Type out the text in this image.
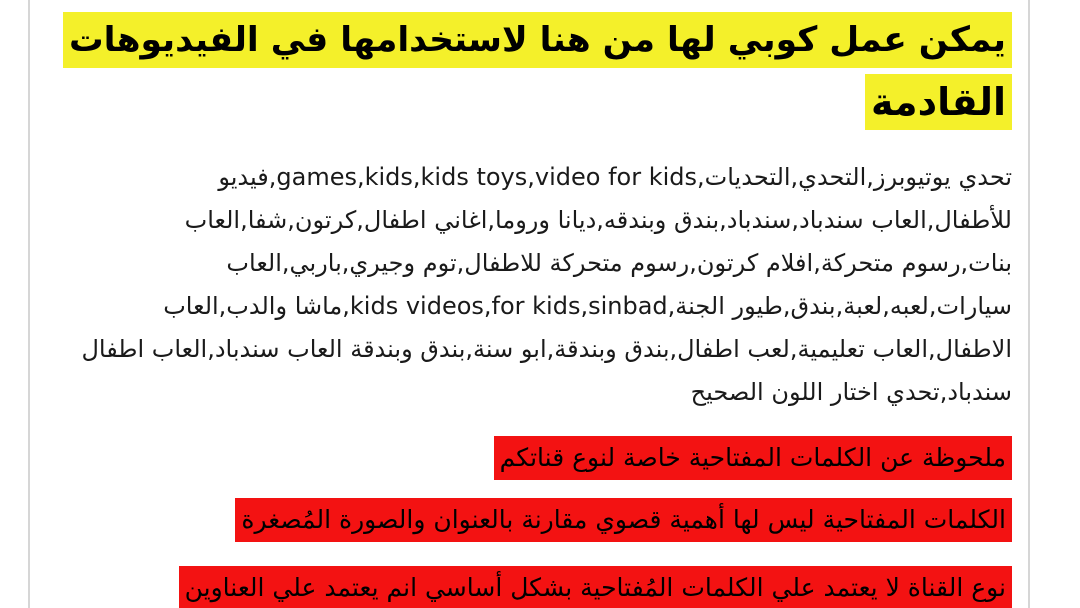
يمكن عمل كوبي لها من هنا لاستخدامها في الفيديوهات
القادمة
تحدي يوتيوبرز,التحدي,التحديات,games,kids,kids toys,video for kids,فيديو
للأطفال,العاب سندباد,سندباد,بندق وبندقه,ديانا وروما,اغاني اطفال,كرتون,شفا,العاب
بنات,رسوم متحركة,افلام كرتون,رسوم متحركة للاطفال,توم وجيري,باربي,العاب
سيارات,لعبه,لعبة,بندق,طيور الجنة,kids videos,for kids,sinbad,ماشا والدب,العاب
الاطفال,العاب تعليمية,لعب اطفال,بندق وبندقة,ابو سنة,بندق وبندقة العاب سندباد,العاب اطفال
سندباد,تحدي اختار اللون الصحيح
ملحوظة عن الكلمات المفتاحية خاصة لنوع قناتكم
الكلمات المفتاحية ليس لها أهمية قصوي مقارنة بالعنوان والصورة المُصغرة
نوع القناة لا يعتمد علي الكلمات المُفتاحية بشكل أساسي انم يعتمد علي العناوين
